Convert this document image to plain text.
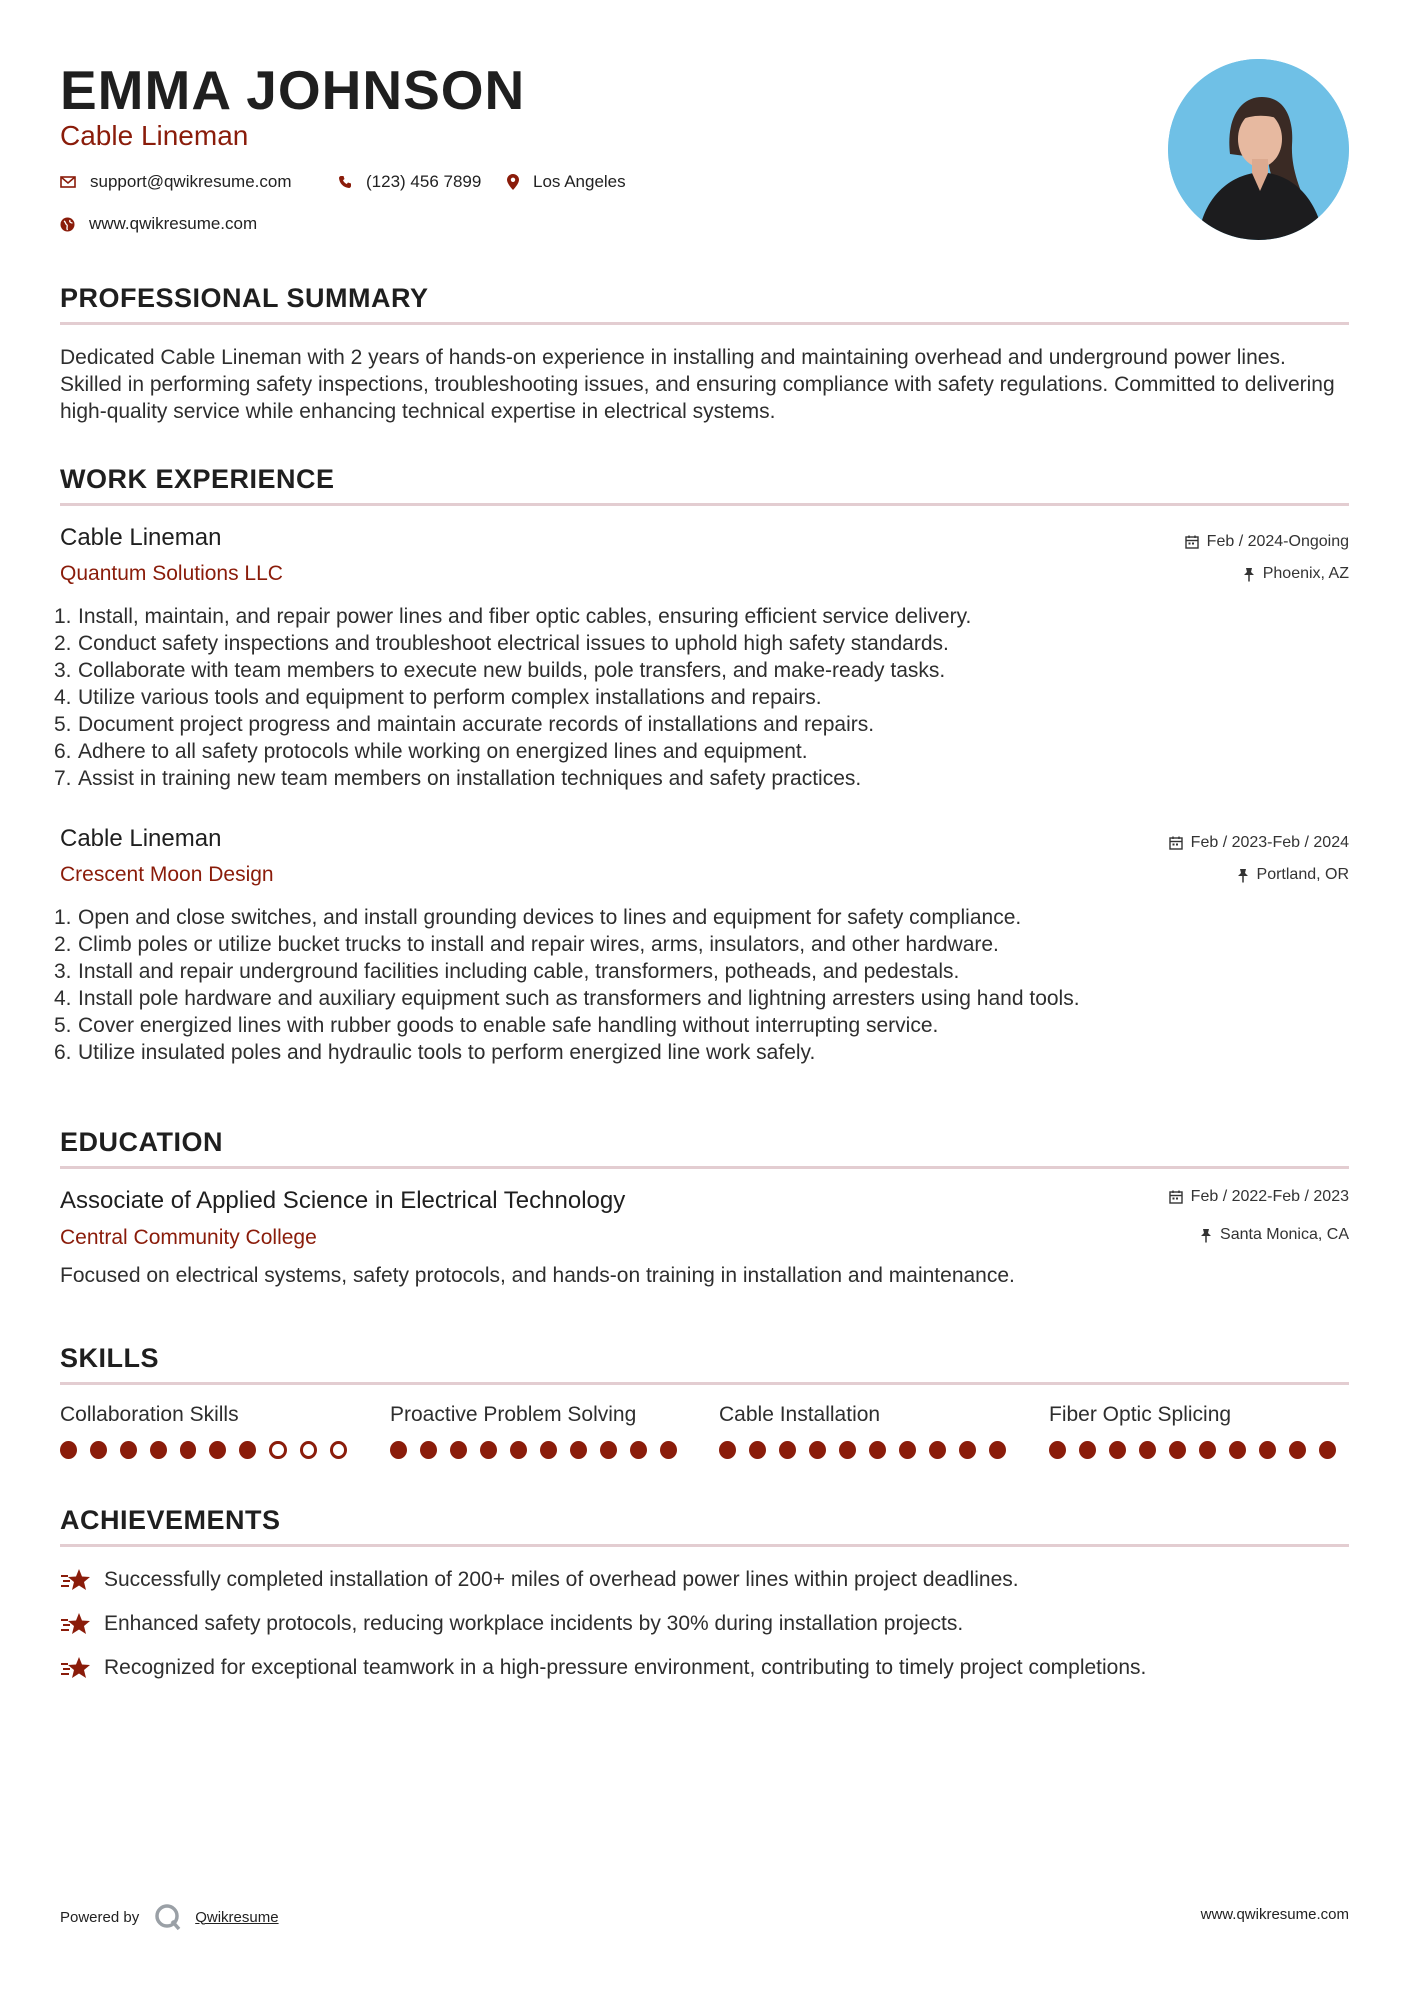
EMMA JOHNSON
Cable Lineman
support@qwikresume.com	(123) 456 7899	Los Angeles
www.qwikresume.com
PROFESSIONAL SUMMARY
Dedicated Cable Lineman with 2 years of hands-on experience in installing and maintaining overhead and underground power lines. Skilled in performing safety inspections, troubleshooting issues, and ensuring compliance with safety regulations. Committed to delivering high-quality service while enhancing technical expertise in electrical systems.
WORK EXPERIENCE
Cable Lineman
Quantum Solutions LLC
Feb / 2024-Ongoing
Phoenix, AZ
1. Install, maintain, and repair power lines and fiber optic cables, ensuring efficient service delivery.
2. Conduct safety inspections and troubleshoot electrical issues to uphold high safety standards.
3. Collaborate with team members to execute new builds, pole transfers, and make-ready tasks.
4. Utilize various tools and equipment to perform complex installations and repairs.
5. Document project progress and maintain accurate records of installations and repairs.
6. Adhere to all safety protocols while working on energized lines and equipment.
7. Assist in training new team members on installation techniques and safety practices.
Cable Lineman
Crescent Moon Design
Feb / 2023-Feb / 2024
Portland, OR
1. Open and close switches, and install grounding devices to lines and equipment for safety compliance.
2. Climb poles or utilize bucket trucks to install and repair wires, arms, insulators, and other hardware.
3. Install and repair underground facilities including cable, transformers, potheads, and pedestals.
4. Install pole hardware and auxiliary equipment such as transformers and lightning arresters using hand tools.
5. Cover energized lines with rubber goods to enable safe handling without interrupting service.
6. Utilize insulated poles and hydraulic tools to perform energized line work safely.
EDUCATION
Associate of Applied Science in Electrical Technology
Central Community College
Feb / 2022-Feb / 2023
Santa Monica, CA
Focused on electrical systems, safety protocols, and hands-on training in installation and maintenance.
SKILLS
Collaboration Skills	Proactive Problem Solving	Cable Installation	Fiber Optic Splicing
ACHIEVEMENTS
Successfully completed installation of 200+ miles of overhead power lines within project deadlines.
Enhanced safety protocols, reducing workplace incidents by 30% during installation projects.
Recognized for exceptional teamwork in a high-pressure environment, contributing to timely project completions.
Powered by	Qwikresume	www.qwikresume.com
